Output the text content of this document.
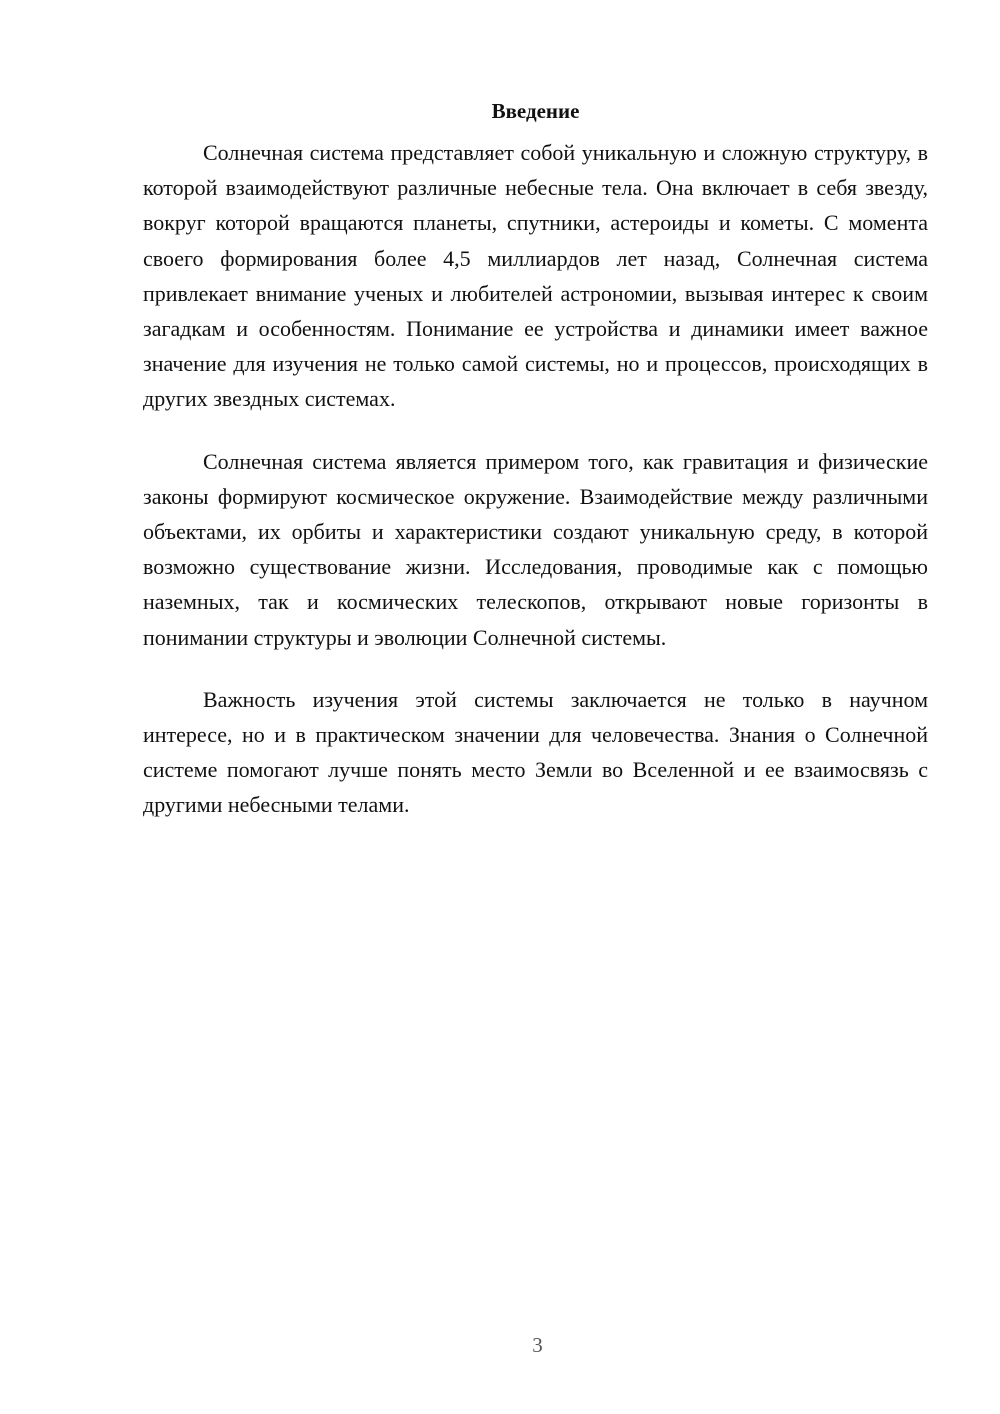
Введение

Солнечная система представляет собой уникальную и сложную структуру, в которой взаимодействуют различные небесные тела. Она включает в себя звезду, вокруг которой вращаются планеты, спутники, астероиды и кометы. С момента своего формирования более 4,5 миллиардов лет назад, Солнечная система привлекает внимание ученых и любителей астрономии, вызывая интерес к своим загадкам и особенностям. Понимание ее устройства и динамики имеет важное значение для изучения не только самой системы, но и процессов, происходящих в других звездных системах.

Солнечная система является примером того, как гравитация и физические законы формируют космическое окружение. Взаимодействие между различными объектами, их орбиты и характеристики создают уникальную среду, в которой возможно существование жизни. Исследования, проводимые как с помощью наземных, так и космических телескопов, открывают новые горизонты в понимании структуры и эволюции Солнечной системы.

Важность изучения этой системы заключается не только в научном интересе, но и в практическом значении для человечества. Знания о Солнечной системе помогают лучше понять место Земли во Вселенной и ее взаимосвязь с другими небесными телами.

3
